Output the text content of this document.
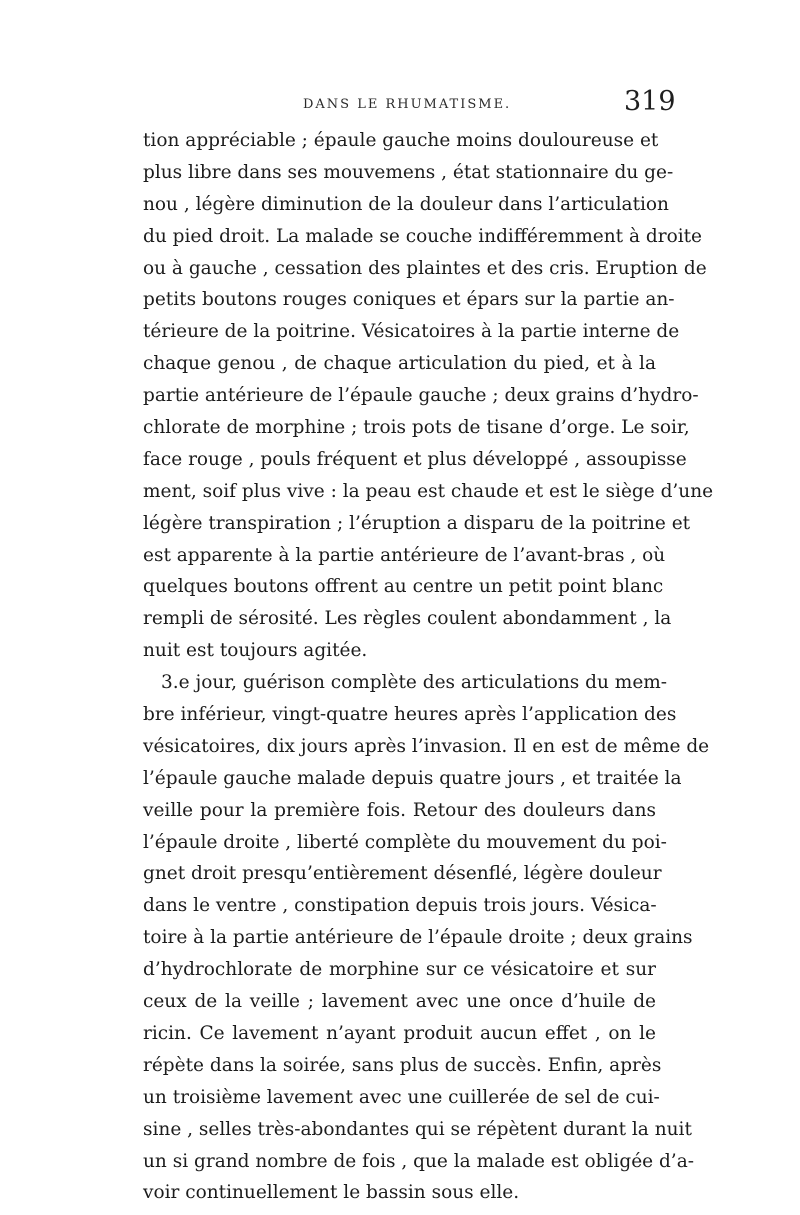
DANS LE RHUMATISME.	319
tion appréciable ; épaule gauche moins douloureuse et
plus libre dans ses mouvemens , état stationnaire du ge-
nou , légère diminution de la douleur dans l’articulation
du pied droit. La malade se couche indifféremment à droite
ou à gauche , cessation des plaintes et des cris. Eruption de
petits boutons rouges coniques et épars sur la partie an-
térieure de la poitrine. Vésicatoires à la partie interne de
chaque genou , de chaque articulation du pied, et à la
partie antérieure de l’épaule gauche ; deux grains d’hydro-
chlorate de morphine ; trois pots de tisane d’orge. Le soir,
face rouge , pouls fréquent et plus développé , assoupisse
ment, soif plus vive : la peau est chaude et est le siège d’une
légère transpiration ; l’éruption a disparu de la poitrine et
est apparente à la partie antérieure de l’avant-bras , où
quelques boutons offrent au centre un petit point blanc
rempli de sérosité. Les règles coulent abondamment , la
nuit est toujours agitée.
3.e jour, guérison complète des articulations du mem-
bre inférieur, vingt-quatre heures après l’application des
vésicatoires, dix jours après l’invasion. Il en est de même de
l’épaule gauche malade depuis quatre jours , et traitée la
veille pour la première fois. Retour des douleurs dans
l’épaule droite , liberté complète du mouvement du poi-
gnet droit presqu’entièrement désenflé, légère douleur
dans le ventre , constipation depuis trois jours. Vésica-
toire à la partie antérieure de l’épaule droite ; deux grains
d’hydrochlorate de morphine sur ce vésicatoire et sur
ceux de la veille ; lavement avec une once d’huile de
ricin. Ce lavement n’ayant produit aucun effet , on le
répète dans la soirée, sans plus de succès. Enfin, après
un troisième lavement avec une cuillerée de sel de cui-
sine , selles très-abondantes qui se répètent durant la nuit
un si grand nombre de fois , que la malade est obligée d’a-
voir continuellement le bassin sous elle.
